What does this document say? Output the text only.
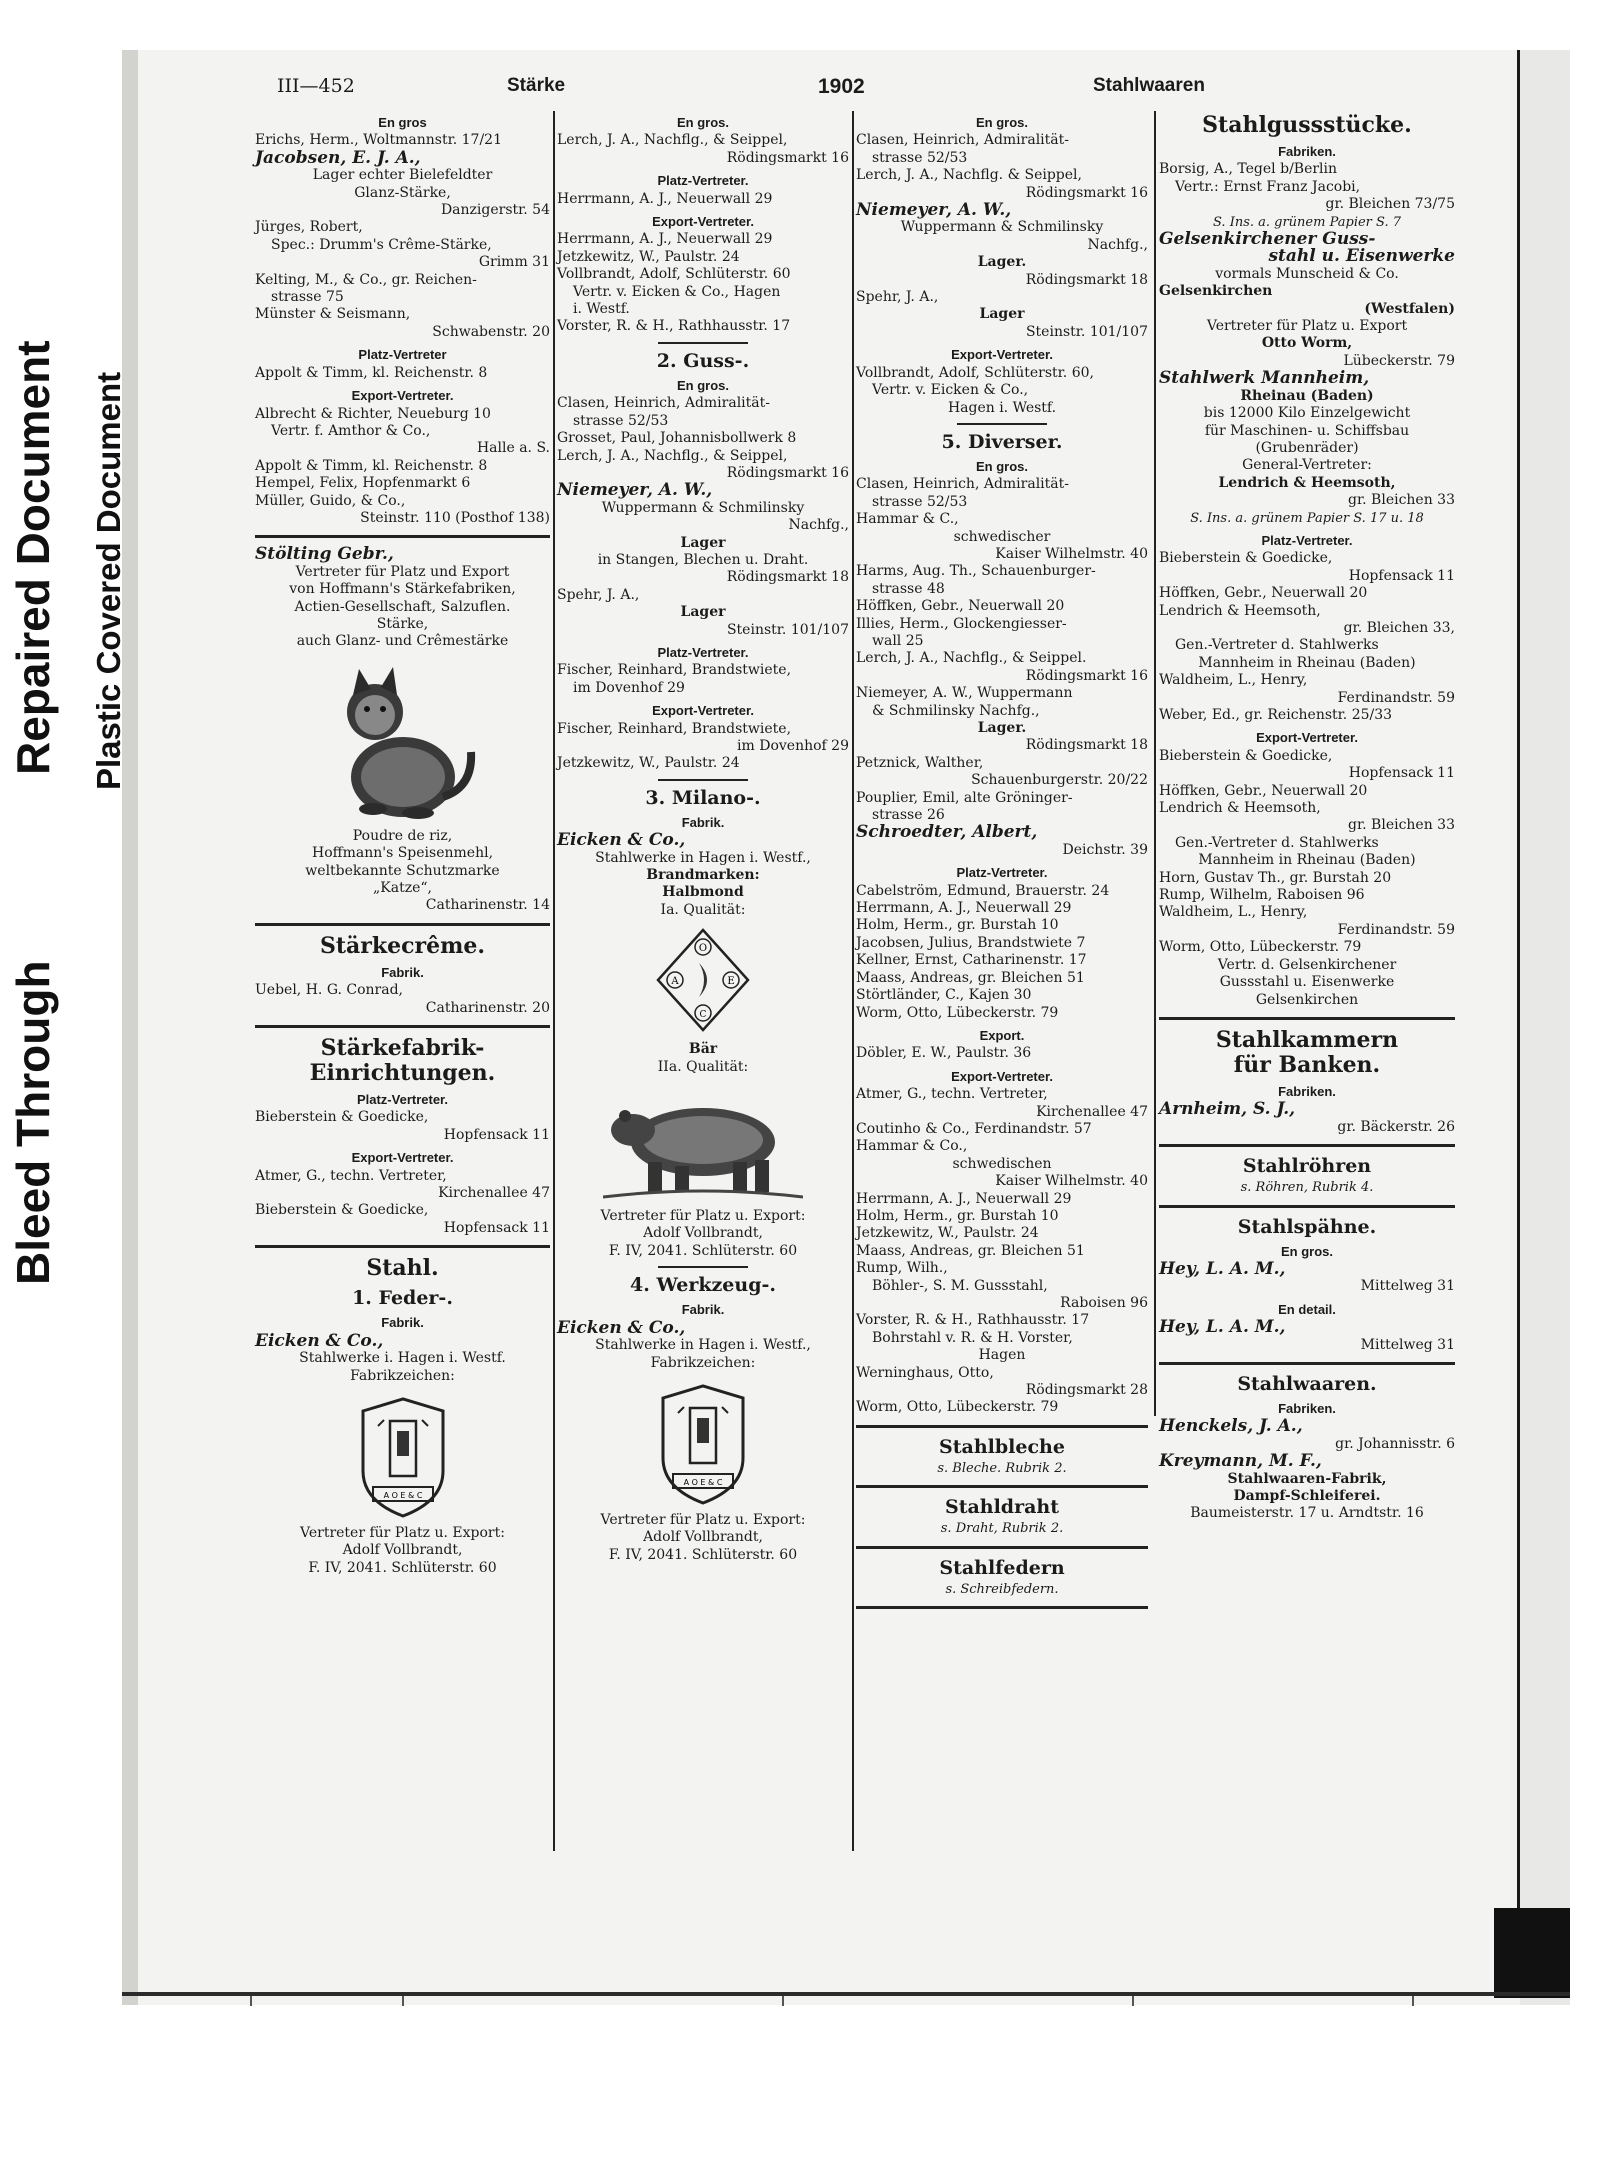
Bleed Through
Repaired Document Plastic Covered Document
III—452	Stärke	1902	Stahlwaaren
En gros
Erichs, Herm., Woltmannstr. 17/21
Jacobsen, E. J. A.,
Lager echter Bielefeldter
Glanz-Stärke,
Danzigerstr. 54
Jürges, Robert,
Spec.: Drumm's Crême-Stärke,
Grimm 31
Kelting, M., & Co., gr. Reichen-
strasse 75
Münster & Seismann,
Schwabenstr. 20
Platz-Vertreter
Appolt & Timm, kl. Reichenstr. 8
Export-Vertreter.
Albrecht & Richter, Neueburg 10
Vertr. f. Amthor & Co.,
Halle a. S.
Appolt & Timm, kl. Reichenstr. 8
Hempel, Felix, Hopfenmarkt 6
Müller, Guido, & Co.,
Steinstr. 110 (Posthof 138)
Stölting Gebr.,
Vertreter für Platz und Export
von Hoffmann's Stärkefabriken,
Actien-Gesellschaft, Salzuflen.
Stärke,
auch Glanz- und Crêmestärke
Poudre de riz,
Hoffmann's Speisenmehl,
weltbekannte Schutzmarke
„Katze“,
Catharinenstr. 14
Stärkecrême.
Fabrik.
Uebel, H. G. Conrad,
Catharinenstr. 20
Stärkefabrik-
Einrichtungen.
Platz-Vertreter.
Bieberstein & Goedicke,
Hopfensack 11
Export-Vertreter.
Atmer, G., techn. Vertreter,
Kirchenallee 47
Bieberstein & Goedicke,
Hopfensack 11
Stahl.
1. Feder-.
Fabrik.
Eicken & Co.,
Stahlwerke i. Hagen i. Westf.
Fabrikzeichen:
Vertreter für Platz u. Export:
Adolf Vollbrandt,
F. IV, 2041. Schlüterstr. 60
En gros.
Lerch, J. A., Nachflg., & Seippel,
Rödingsmarkt 16
Platz-Vertreter.
Herrmann, A. J., Neuerwall 29
Export-Vertreter.
Herrmann, A. J., Neuerwall 29
Jetzkewitz, W., Paulstr. 24
Vollbrandt, Adolf, Schlüterstr. 60
Vertr. v. Eicken & Co., Hagen
i. Westf.
Vorster, R. & H., Rathhausstr. 17
2. Guss-.
En gros.
Clasen, Heinrich, Admiralität-
strasse 52/53
Grosset, Paul, Johannisbollwerk 8
Lerch, J. A., Nachflg., & Seippel,
Rödingsmarkt 16
Niemeyer, A. W.,
Wuppermann & Schmilinsky
Nachfg.,
Lager
in Stangen, Blechen u. Draht.
Rödingsmarkt 18
Spehr, J. A.,
Lager
Steinstr. 101/107
Platz-Vertreter.
Fischer, Reinhard, Brandstwiete,
im Dovenhof 29
Export-Vertreter.
Fischer, Reinhard, Brandstwiete,
im Dovenhof 29
Jetzkewitz, W., Paulstr. 24
3. Milano-.
Fabrik.
Eicken & Co.,
Stahlwerke in Hagen i. Westf.,
Brandmarken:
Halbmond
Ia. Qualität:
Bär
IIa. Qualität:
Vertreter für Platz u. Export:
Adolf Vollbrandt,
F. IV, 2041. Schlüterstr. 60
4. Werkzeug-.
Fabrik.
Eicken & Co.,
Stahlwerke in Hagen i. Westf.,
Fabrikzeichen:
Vertreter für Platz u. Export:
Adolf Vollbrandt,
F. IV, 2041. Schlüterstr. 60
En gros.
Clasen, Heinrich, Admiralität-
strasse 52/53
Lerch, J. A., Nachflg. & Seippel,
Rödingsmarkt 16
Niemeyer, A. W.,
Wuppermann & Schmilinsky
Nachfg.,
Lager.
Rödingsmarkt 18
Spehr, J. A.,
Lager
Steinstr. 101/107
Export-Vertreter.
Vollbrandt, Adolf, Schlüterstr. 60,
Vertr. v. Eicken & Co.,
Hagen i. Westf.
5. Diverser.
En gros.
Clasen, Heinrich, Admiralität-
strasse 52/53
Hammar & C.,
schwedischer
Kaiser Wilhelmstr. 40
Harms, Aug. Th., Schauenburger-
strasse 48
Höffken, Gebr., Neuerwall 20
Illies, Herm., Glockengiesser-
wall 25
Lerch, J. A., Nachflg., & Seippel.
Rödingsmarkt 16
Niemeyer, A. W., Wuppermann
& Schmilinsky Nachfg.,
Lager.
Rödingsmarkt 18
Petznick, Walther,
Schauenburgerstr. 20/22
Pouplier, Emil, alte Gröninger-
strasse 26
Schroedter, Albert,
Deichstr. 39
Platz-Vertreter.
Cabelström, Edmund, Brauerstr. 24
Herrmann, A. J., Neuerwall 29
Holm, Herm., gr. Burstah 10
Jacobsen, Julius, Brandstwiete 7
Kellner, Ernst, Catharinenstr. 17
Maass, Andreas, gr. Bleichen 51
Störtländer, C., Kajen 30
Worm, Otto, Lübeckerstr. 79
Export.
Döbler, E. W., Paulstr. 36
Export-Vertreter.
Atmer, G., techn. Vertreter,
Kirchenallee 47
Coutinho & Co., Ferdinandstr. 57
Hammar & Co.,
schwedischen
Kaiser Wilhelmstr. 40
Herrmann, A. J., Neuerwall 29
Holm, Herm., gr. Burstah 10
Jetzkewitz, W., Paulstr. 24
Maass, Andreas, gr. Bleichen 51
Rump, Wilh.,
Böhler-, S. M. Gussstahl,
Raboisen 96
Vorster, R. & H., Rathhausstr. 17
Bohrstahl v. R. & H. Vorster,
Hagen
Werninghaus, Otto,
Rödingsmarkt 28
Worm, Otto, Lübeckerstr. 79
Stahlbleche
s. Bleche. Rubrik 2.
Stahldraht
s. Draht, Rubrik 2.
Stahlfedern
s. Schreibfedern.
Stahlgussstücke.
Fabriken.
Borsig, A., Tegel b/Berlin
Vertr.: Ernst Franz Jacobi,
gr. Bleichen 73/75
S. Ins. a. grünem Papier S. 7
Gelsenkirchener Guss-
stahl u. Eisenwerke
vormals Munscheid & Co.
Gelsenkirchen
(Westfalen)
Vertreter für Platz u. Export
Otto Worm,
Lübeckerstr. 79
Stahlwerk Mannheim,
Rheinau (Baden)
bis 12000 Kilo Einzelgewicht
für Maschinen- u. Schiffsbau
(Grubenräder)
General-Vertreter:
Lendrich & Heemsoth,
gr. Bleichen 33
S. Ins. a. grünem Papier S. 17 u. 18
Platz-Vertreter.
Bieberstein & Goedicke,
Hopfensack 11
Höffken, Gebr., Neuerwall 20
Lendrich & Heemsoth,
gr. Bleichen 33,
Gen.-Vertreter d. Stahlwerks
Mannheim in Rheinau (Baden)
Waldheim, L., Henry,
Ferdinandstr. 59
Weber, Ed., gr. Reichenstr. 25/33
Export-Vertreter.
Bieberstein & Goedicke,
Hopfensack 11
Höffken, Gebr., Neuerwall 20
Lendrich & Heemsoth,
gr. Bleichen 33
Gen.-Vertreter d. Stahlwerks
Mannheim in Rheinau (Baden)
Horn, Gustav Th., gr. Burstah 20
Rump, Wilhelm, Raboisen 96
Waldheim, L., Henry,
Ferdinandstr. 59
Worm, Otto, Lübeckerstr. 79
Vertr. d. Gelsenkirchener
Gussstahl u. Eisenwerke
Gelsenkirchen
Stahlkammern
für Banken.
Fabriken.
Arnheim, S. J.,
gr. Bäckerstr. 26
Stahlröhren
s. Röhren, Rubrik 4.
Stahlspähne.
En gros.
Hey, L. A. M.,
Mittelweg 31
En detail.
Hey, L. A. M.,
Mittelweg 31
Stahlwaaren.
Fabriken.
Henckels, J. A.,
gr. Johannisstr. 6
Kreymann, M. F.,
Stahlwaaren-Fabrik,
Dampf-Schleiferei.
Baumeisterstr. 17 u. Arndtstr. 16
